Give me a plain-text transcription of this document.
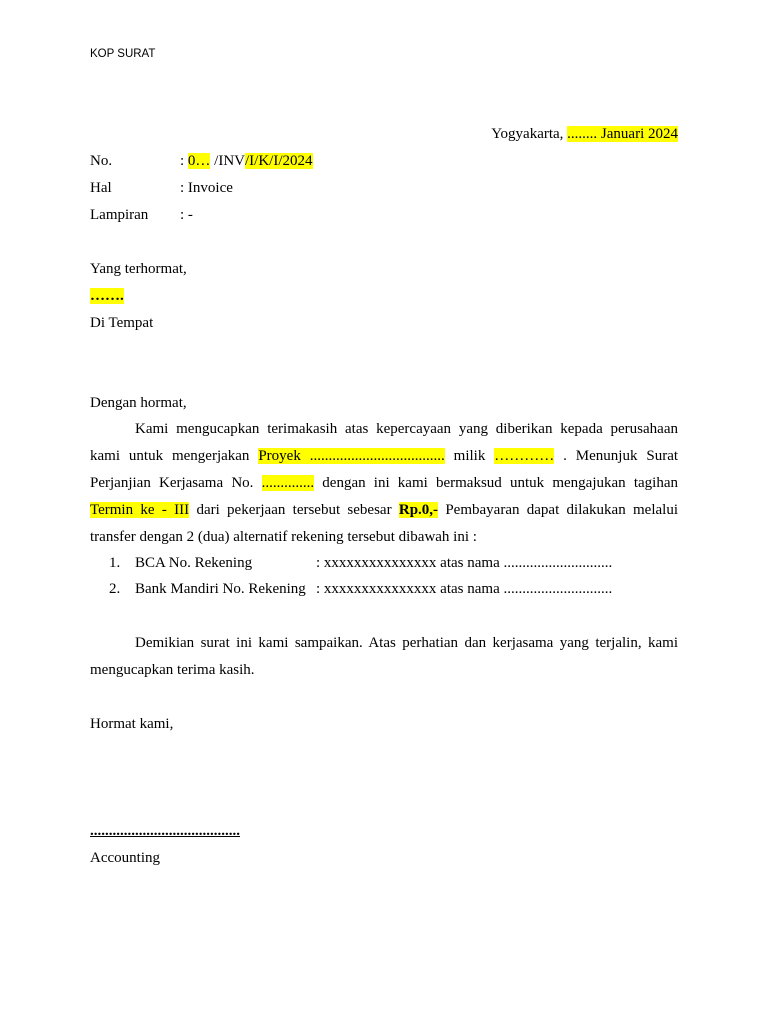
KOP SURAT
Yogyakarta, ........ Januari 2024
No.	: 0… /INV/I/K/I/2024
Hal	: Invoice
Lampiran : -
Yang terhormat,
…….
Di Tempat
Dengan hormat,
Kami mengucapkan terimakasih atas kepercayaan yang diberikan kepada perusahaan kami untuk mengerjakan Proyek .................................... milik ………… . Menunjuk Surat Perjanjian Kerjasama No. .............. dengan ini kami bermaksud untuk mengajukan tagihan Termin ke - III dari pekerjaan tersebut sebesar Rp.0,- Pembayaran dapat dilakukan melalui transfer dengan 2 (dua) alternatif rekening tersebut dibawah ini :
1. BCA No. Rekening	: xxxxxxxxxxxxxxx atas nama .............................
2. Bank Mandiri No. Rekening : xxxxxxxxxxxxxxx atas nama .............................
Demikian surat ini kami sampaikan. Atas perhatian dan kerjasama yang terjalin, kami mengucapkan terima kasih.
Hormat kami,
........................................
Accounting
